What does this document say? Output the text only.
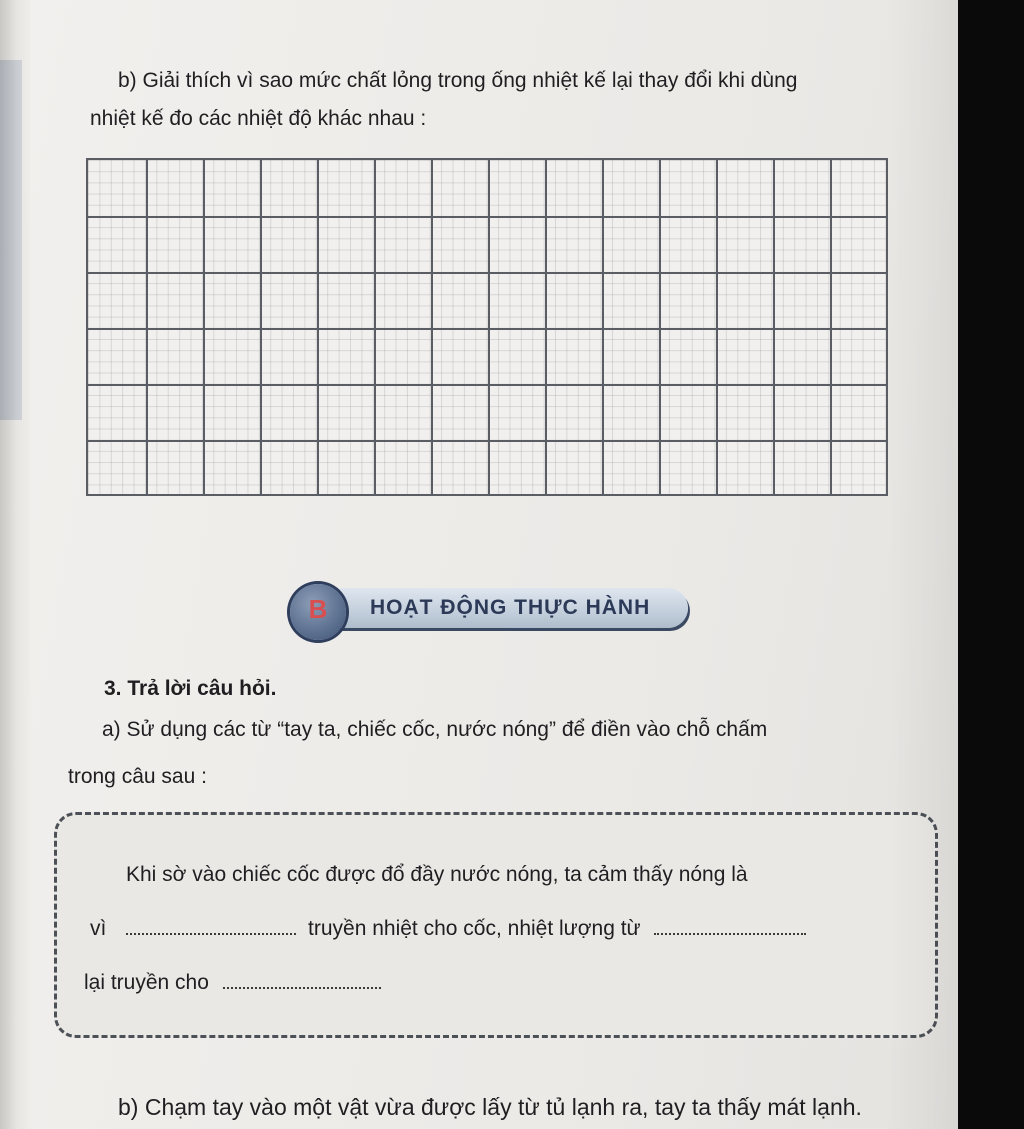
b) Giải thích vì sao mức chất lỏng trong ống nhiệt kế lại thay đổi khi dùng
nhiệt kế đo các nhiệt độ khác nhau :
B	HOẠT ĐỘNG THỰC HÀNH
3. Trả lời câu hỏi.
a) Sử dụng các từ “tay ta, chiếc cốc, nước nóng” để điền vào chỗ chấm
trong câu sau :
Khi sờ vào chiếc cốc được đổ đầy nước nóng, ta cảm thấy nóng là
vì	truyền nhiệt cho cốc, nhiệt lượng từ
lại truyền cho
b) Chạm tay vào một vật vừa được lấy từ tủ lạnh ra, tay ta thấy mát lạnh.
